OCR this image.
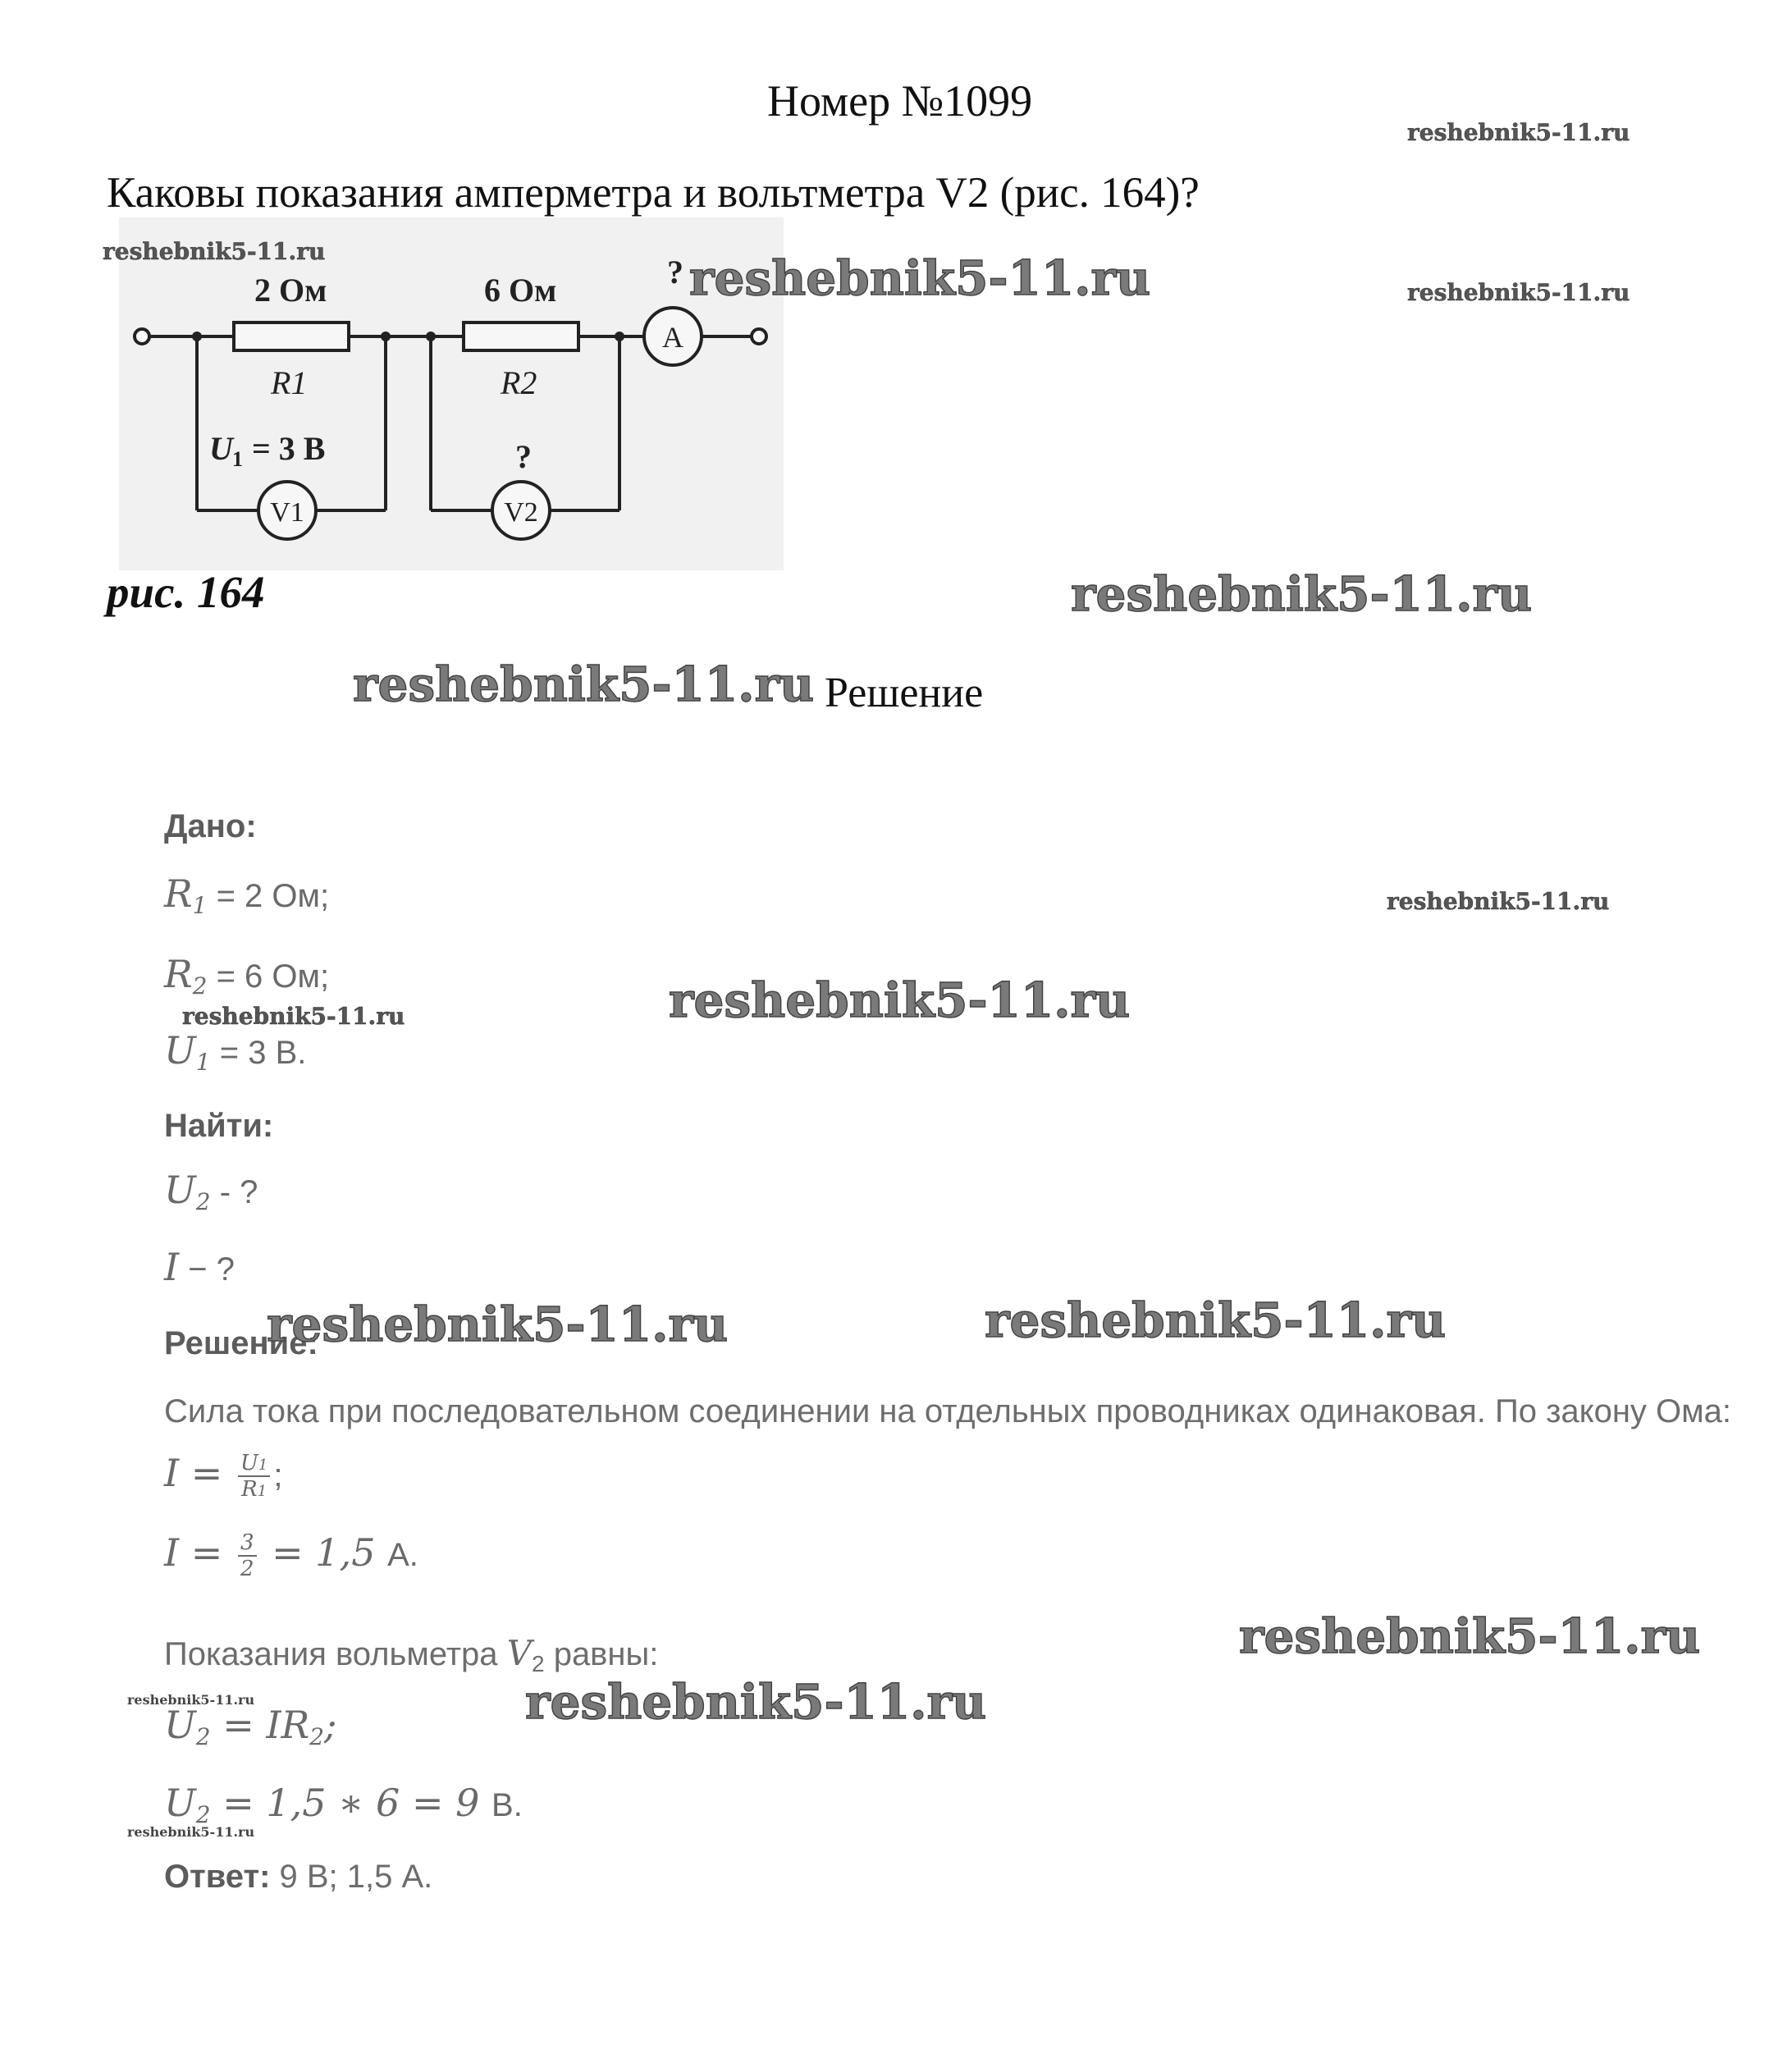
Номер №1099
Каковы показания амперметра и вольтметра V2 (рис. 164)?
2 Ом	6 Ом
R1	R2
U 1 = 3 В	?
?
A
V1	V2
рис. 164
Решение
Дано:
$R_1 = 2$ Ом;
$R_2 = 6$ Ом;
$U_1 = 3$ В.
Найти:
$U_2$ - ?
I − ?
Решение:
Сила тока при последовательном соединении на отдельных проводниках одинаковая. По закону Ома:
$I = \frac{U1}{R1}$ ;
$I = \frac{3}{2} = 1,5$ А.
Показания вольметра $V_2$ равны:
$U_2 = IR_2$;
$U_2 = 1,5$ ∗ 6 = 9 В.
Ответ: 9 В; 1,5 А.
reshebnik5-11.ru
reshebnik5-11.ru	reshebnik5-11.ru	reshebnik5-11.ru
reshebnik5-11.ru
reshebnik5-11.ru
reshebnik5-11.ru
reshebnik5-11.ru
reshebnik5-11.ru
reshebnik5-11.ru	reshebnik5-11.ru
reshebnik5-11.ru
reshebnik5-11.ru
reshebnik5-11.ru
reshebnik5-11.ru
